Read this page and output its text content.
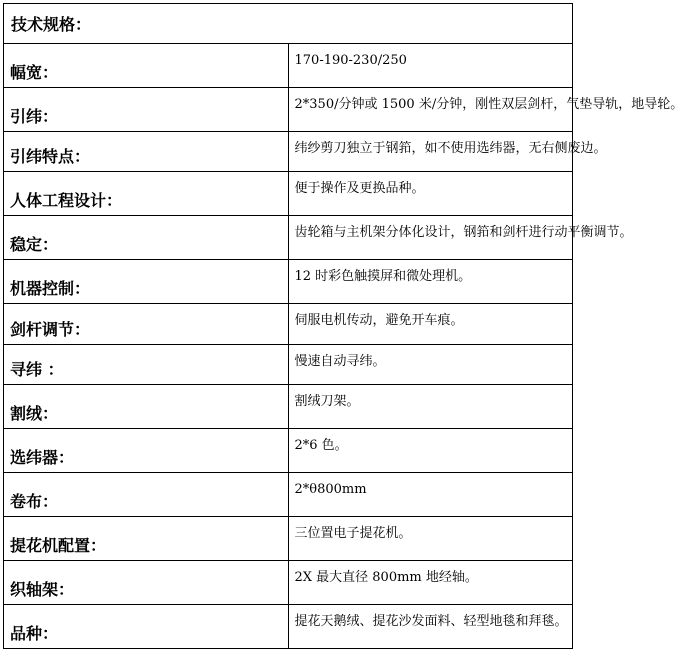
技术规格：	
幅宽：	170-190-230/250
引纬：	2*350/分钟或 1500 米/分钟，刚性双层剑杆，气垫导轨，地导轮。
引纬特点：	纬纱剪刀独立于钢筘，如不使用选纬器，无右侧废边。
人体工程设计：	便于操作及更换品种。
稳定：	齿轮箱与主机架分体化设计，钢筘和剑杆进行动平衡调节。
机器控制：	12 时彩色触摸屏和微处理机。
剑杆调节：	伺服电机传动，避免开车痕。
寻纬 ：	慢速自动寻纬。
割绒：	割绒刀架。
选纬器：	2*6 色。
卷布：	2*θ800mm
提花机配置：	三位置电子提花机。
织轴架：	2X 最大直径 800mm 地经轴。
品种：	提花天鹅绒、提花沙发面料、轻型地毯和拜毯。
